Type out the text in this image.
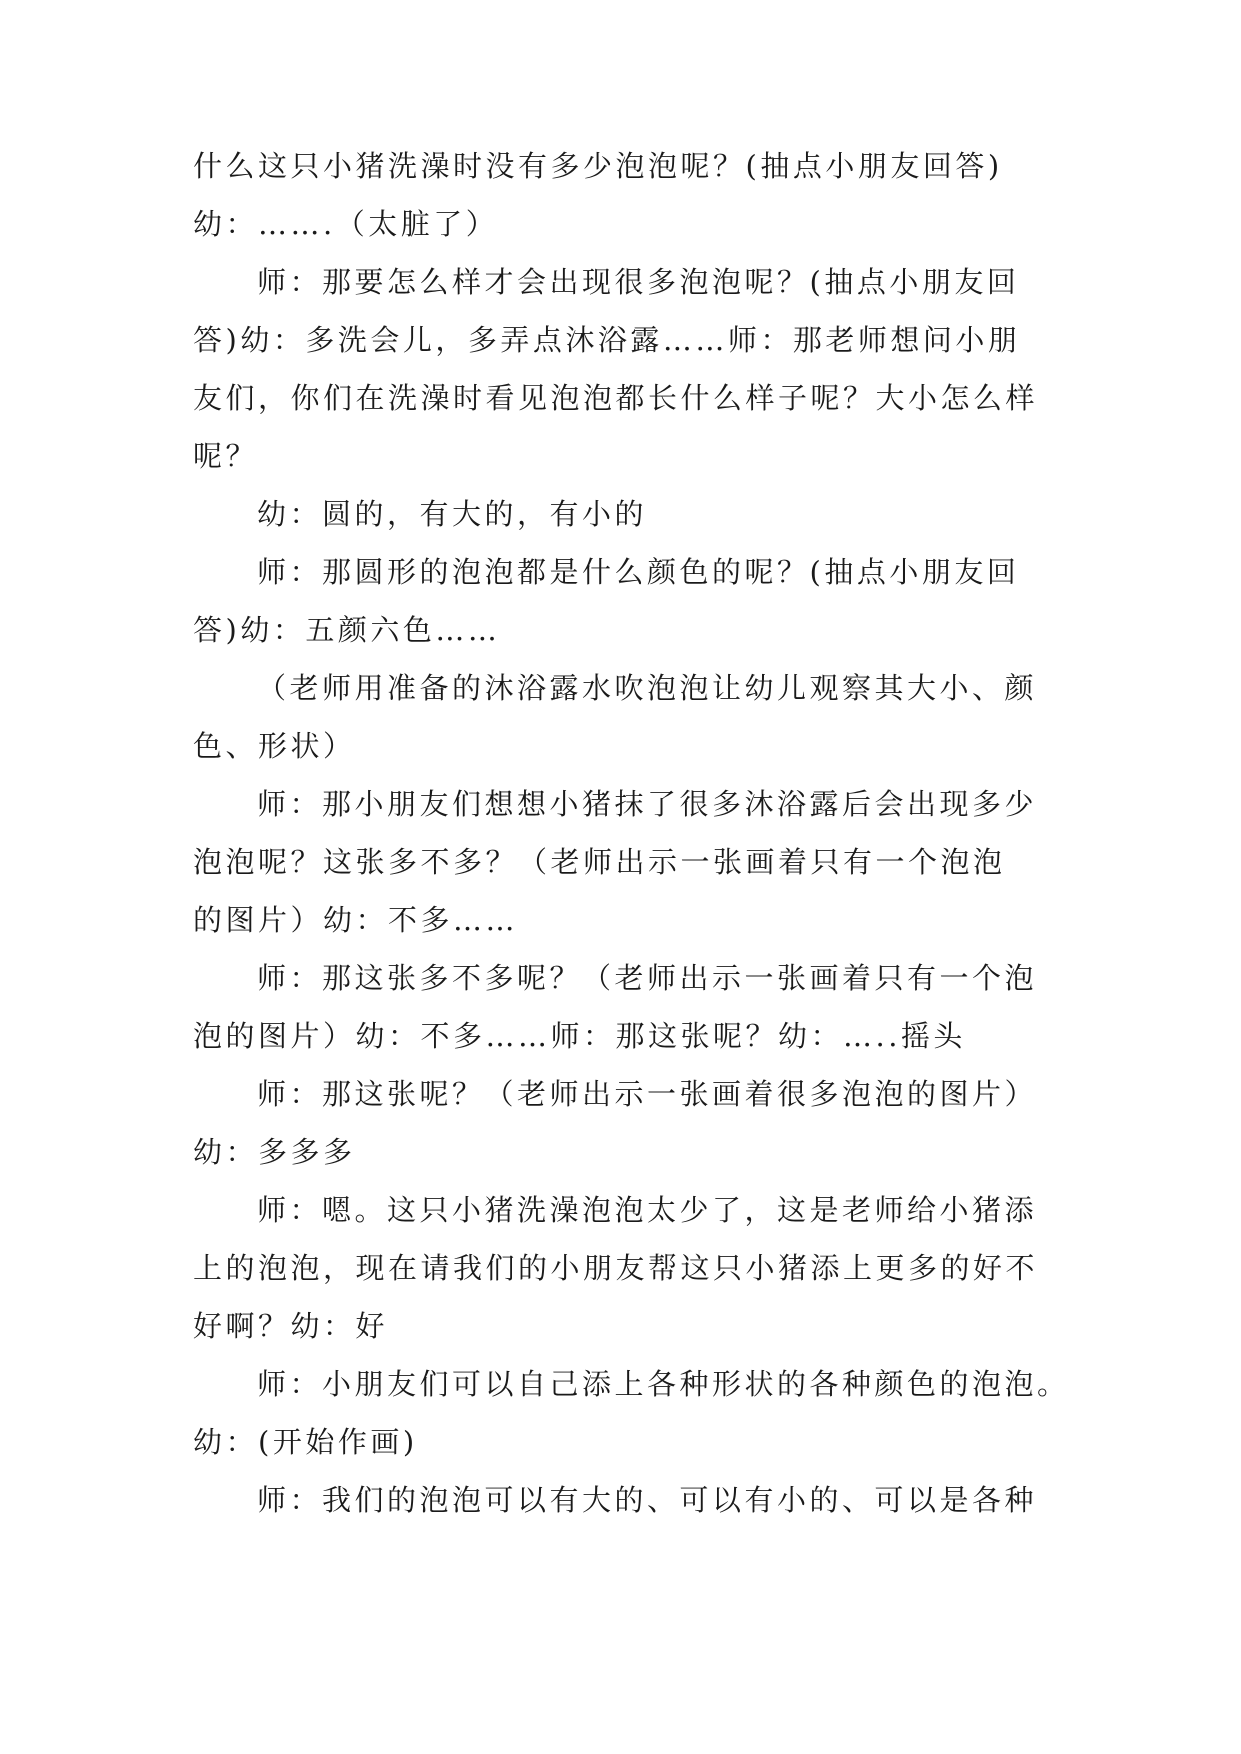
什么这只小猪洗澡时没有多少泡泡呢？(抽点小朋友回答)
幼：…….（太脏了）
师：那要怎么样才会出现很多泡泡呢？(抽点小朋友回
答)幼：多洗会儿，多弄点沐浴露……师：那老师想问小朋
友们，你们在洗澡时看见泡泡都长什么样子呢？大小怎么样
呢？
幼：圆的，有大的，有小的
师：那圆形的泡泡都是什么颜色的呢？(抽点小朋友回
答)幼：五颜六色……
（老师用准备的沐浴露水吹泡泡让幼儿观察其大小、颜
色、形状）
师：那小朋友们想想小猪抹了很多沐浴露后会出现多少
泡泡呢？这张多不多？（老师出示一张画着只有一个泡泡
的图片）幼：不多……
师：那这张多不多呢？（老师出示一张画着只有一个泡
泡的图片）幼：不多……师：那这张呢？幼：…..摇头
师：那这张呢？（老师出示一张画着很多泡泡的图片）
幼：多多多
师：嗯。这只小猪洗澡泡泡太少了，这是老师给小猪添
上的泡泡，现在请我们的小朋友帮这只小猪添上更多的好不
好啊？幼：好
师：小朋友们可以自己添上各种形状的各种颜色的泡泡。
幼：(开始作画)
师：我们的泡泡可以有大的、可以有小的、可以是各种
